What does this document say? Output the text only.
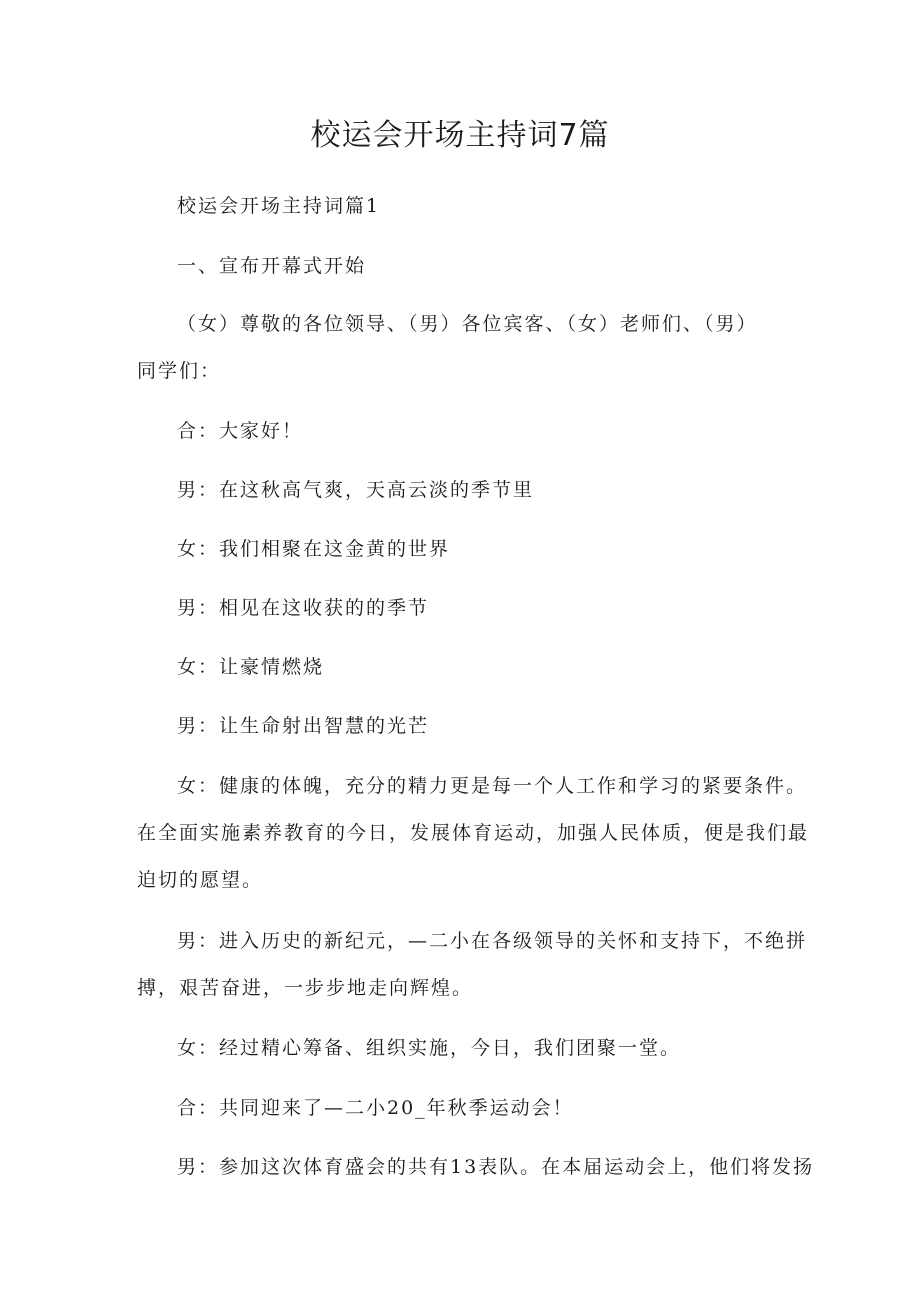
校运会开场主持词7篇
校运会开场主持词篇1
一、宣布开幕式开始
（女）尊敬的各位领导、（男）各位宾客、（女）老师们、（男）
同学们：
合：大家好！
男：在这秋高气爽，天高云淡的季节里
女：我们相聚在这金黄的世界
男：相见在这收获的的季节
女：让豪情燃烧
男：让生命射出智慧的光芒
女：健康的体魄，充分的精力更是每一个人工作和学习的紧要条件。
在全面实施素养教育的今日，发展体育运动，加强人民体质，便是我们最
迫切的愿望。
男：进入历史的新纪元，—二小在各级领导的关怀和支持下，不绝拼
搏，艰苦奋进，一步步地走向辉煌。
女：经过精心筹备、组织实施，今日，我们团聚一堂。
合：共同迎来了—二小20_年秋季运动会！
男：参加这次体育盛会的共有13表队。在本届运动会上，他们将发扬
